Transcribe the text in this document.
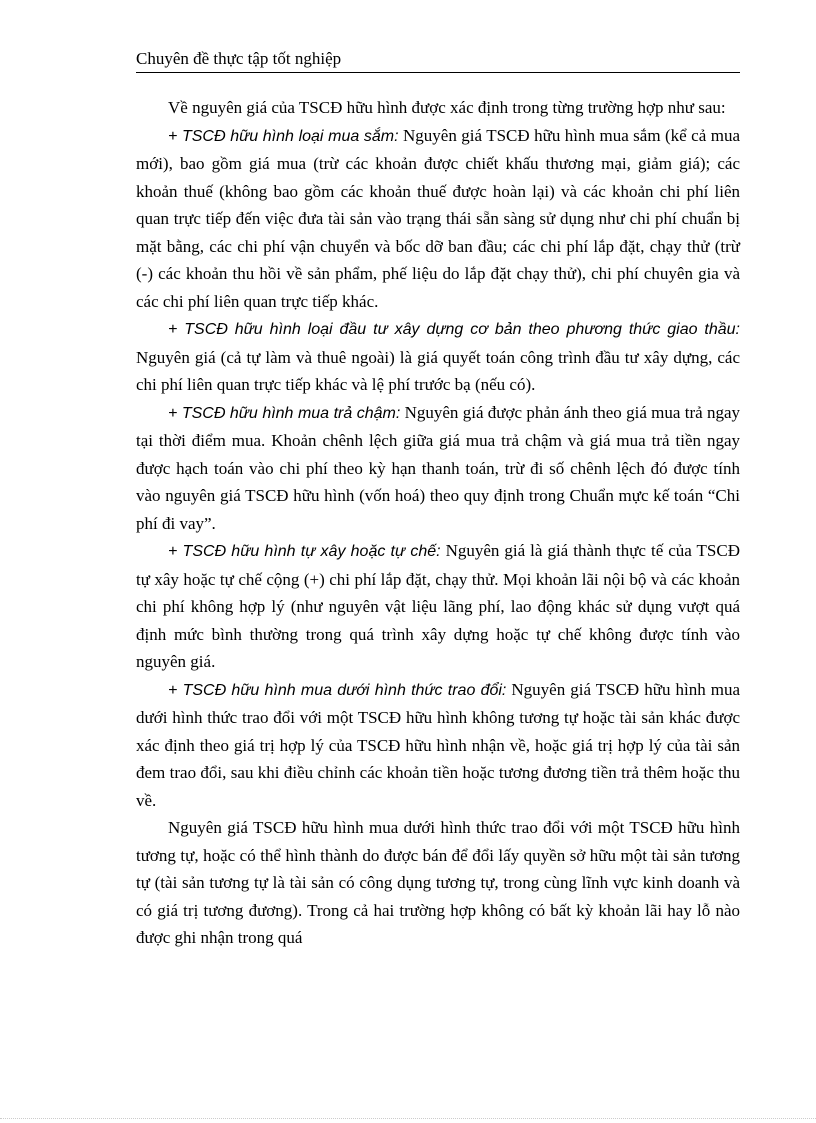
Chuyên đề thực tập tốt nghiệp

Về nguyên giá của TSCĐ hữu hình được xác định trong từng trường hợp như sau:

+ TSCĐ hữu hình loại mua sắm: Nguyên giá TSCĐ hữu hình mua sắm (kể cả mua mới), bao gồm giá mua (trừ các khoản được chiết khấu thương mại, giảm giá); các khoản thuế (không bao gồm các khoản thuế được hoàn lại) và các khoản chi phí liên quan trực tiếp đến việc đưa tài sản vào trạng thái sẵn sàng sử dụng như chi phí chuẩn bị mặt bằng, các chi phí vận chuyển và bốc dỡ ban đầu; các chi phí lắp đặt, chạy thử (trừ (-) các khoản thu hồi về sản phẩm, phế liệu do lắp đặt chạy thử), chi phí chuyên gia và các chi phí liên quan trực tiếp khác.

+ TSCĐ hữu hình loại đầu tư xây dựng cơ bản theo phương thức giao thầu: Nguyên giá (cả tự làm và thuê ngoài) là giá quyết toán công trình đầu tư xây dựng, các chi phí liên quan trực tiếp khác và lệ phí trước bạ (nếu có).

+ TSCĐ hữu hình mua trả chậm: Nguyên giá được phản ánh theo giá mua trả ngay tại thời điểm mua. Khoản chênh lệch giữa giá mua trả chậm và giá mua trả tiền ngay được hạch toán vào chi phí theo kỳ hạn thanh toán, trừ đi số chênh lệch đó được tính vào nguyên giá TSCĐ hữu hình (vốn hoá) theo quy định trong Chuẩn mực kế toán “Chi phí đi vay”.

+ TSCĐ hữu hình tự xây hoặc tự chế: Nguyên giá là giá thành thực tế của TSCĐ tự xây hoặc tự chế cộng (+) chi phí lắp đặt, chạy thử. Mọi khoản lãi nội bộ và các khoản chi phí không hợp lý (như nguyên vật liệu lãng phí, lao động khác sử dụng vượt quá định mức bình thường trong quá trình xây dựng hoặc tự chế không được tính vào nguyên giá.

+ TSCĐ hữu hình mua dưới hình thức trao đổi: Nguyên giá TSCĐ hữu hình mua dưới hình thức trao đổi với một TSCĐ hữu hình không tương tự hoặc tài sản khác được xác định theo giá trị hợp lý của TSCĐ hữu hình nhận về, hoặc giá trị hợp lý của tài sản đem trao đổi, sau khi điều chỉnh các khoản tiền hoặc tương đương tiền trả thêm hoặc thu về.

Nguyên giá TSCĐ hữu hình mua dưới hình thức trao đổi với một TSCĐ hữu hình tương tự, hoặc có thể hình thành do được bán để đổi lấy quyền sở hữu một tài sản tương tự (tài sản tương tự là tài sản có công dụng tương tự, trong cùng lĩnh vực kinh doanh và có giá trị tương đương). Trong cả hai trường hợp không có bất kỳ khoản lãi hay lỗ nào được ghi nhận trong quá
